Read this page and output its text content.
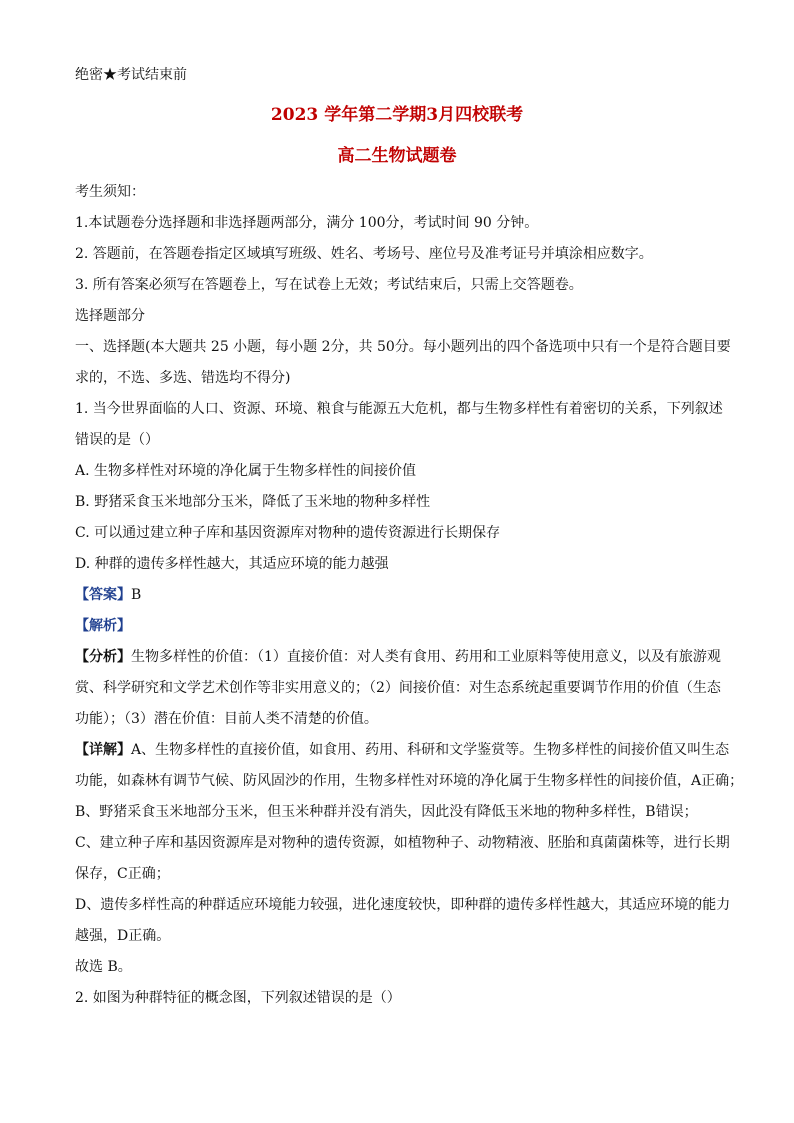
绝密★考试结束前
2023 学年第二学期3月四校联考
高二生物试题卷
考生须知：
1.本试题卷分选择题和非选择题两部分，满分 100分，考试时间 90 分钟。
2. 答题前，在答题卷指定区域填写班级、姓名、考场号、座位号及准考证号并填涂相应数字。
3. 所有答案必须写在答题卷上，写在试卷上无效；考试结束后，只需上交答题卷。
选择题部分
一、选择题(本大题共 25 小题，每小题 2分，共 50分。每小题列出的四个备选项中只有一个是符合题目要
求的，不选、多选、错选均不得分)
1. 当今世界面临的人口、资源、环境、粮食与能源五大危机，都与生物多样性有着密切的关系，下列叙述
错误的是（）
A. 生物多样性对环境的净化属于生物多样性的间接价值
B. 野猪采食玉米地部分玉米，降低了玉米地的物种多样性
C. 可以通过建立种子库和基因资源库对物种的遗传资源进行长期保存
D. 种群的遗传多样性越大，其适应环境的能力越强
【答案】B
【解析】
【分析】生物多样性的价值：（1）直接价值：对人类有食用、药用和工业原料等使用意义，以及有旅游观
赏、科学研究和文学艺术创作等非实用意义的；（2）间接价值：对生态系统起重要调节作用的价值（生态
功能）；（3）潜在价值：目前人类不清楚的价值。
【详解】A、生物多样性的直接价值，如食用、药用、科研和文学鉴赏等。生物多样性的间接价值又叫生态
功能，如森林有调节气候、防风固沙的作用，生物多样性对环境的净化属于生物多样性的间接价值，A正确；
B、野猪采食玉米地部分玉米，但玉米种群并没有消失，因此没有降低玉米地的物种多样性，B错误；
C、建立种子库和基因资源库是对物种的遗传资源，如植物种子、动物精液、胚胎和真菌菌株等，进行长期
保存，C正确；
D、遗传多样性高的种群适应环境能力较强，进化速度较快，即种群的遗传多样性越大，其适应环境的能力
越强，D正确。
故选 B。
2. 如图为种群特征的概念图，下列叙述错误的是（）
